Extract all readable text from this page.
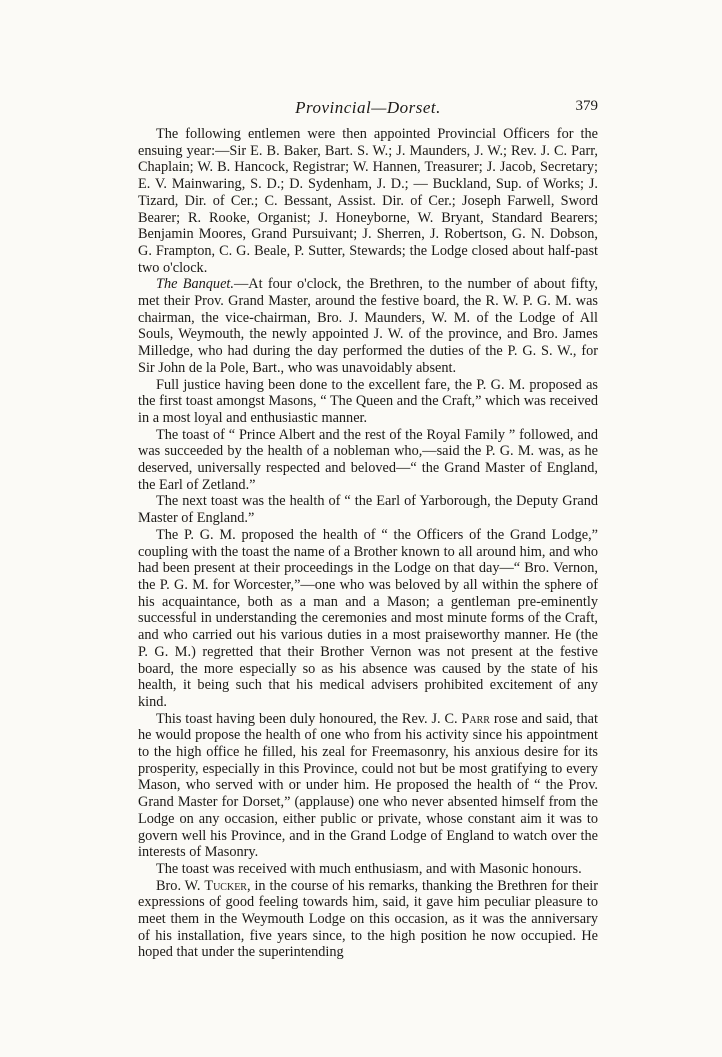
Provincial—Dorset.	379

The following entlemen were then appointed Provincial Officers for the ensuing year:—Sir E. B. Baker, Bart. S. W.; J. Maunders, J. W.; Rev. J. C. Parr, Chaplain; W. B. Hancock, Registrar; W. Hannen, Treasurer; J. Jacob, Secretary; E. V. Mainwaring, S. D.; D. Sydenham, J. D.; — Buckland, Sup. of Works; J. Tizard, Dir. of Cer.; C. Bessant, Assist. Dir. of Cer.; Joseph Farwell, Sword Bearer; R. Rooke, Organist; J. Honeyborne, W. Bryant, Standard Bearers; Benjamin Moores, Grand Pursuivant; J. Sherren, J. Robertson, G. N. Dobson, G. Frampton, C. G. Beale, P. Sutter, Stewards; the Lodge closed about half-past two o'clock.

The Banquet.—At four o'clock, the Brethren, to the number of about fifty, met their Prov. Grand Master, around the festive board, the R. W. P. G. M. was chairman, the vice-chairman, Bro. J. Maunders, W. M. of the Lodge of All Souls, Weymouth, the newly appointed J. W. of the province, and Bro. James Milledge, who had during the day performed the duties of the P. G. S. W., for Sir John de la Pole, Bart., who was unavoidably absent.

Full justice having been done to the excellent fare, the P. G. M. proposed as the first toast amongst Masons, “ The Queen and the Craft,” which was received in a most loyal and enthusiastic manner.

The toast of “ Prince Albert and the rest of the Royal Family ” followed, and was succeeded by the health of a nobleman who,—said the P. G. M. was, as he deserved, universally respected and beloved—“ the Grand Master of England, the Earl of Zetland.”

The next toast was the health of “ the Earl of Yarborough, the Deputy Grand Master of England.”

The P. G. M. proposed the health of “ the Officers of the Grand Lodge,” coupling with the toast the name of a Brother known to all around him, and who had been present at their proceedings in the Lodge on that day—“ Bro. Vernon, the P. G. M. for Worcester,”—one who was beloved by all within the sphere of his acquaintance, both as a man and a Mason; a gentleman pre-eminently successful in understanding the ceremonies and most minute forms of the Craft, and who carried out his various duties in a most praiseworthy manner. He (the P. G. M.) regretted that their Brother Vernon was not present at the festive board, the more especially so as his absence was caused by the state of his health, it being such that his medical advisers prohibited excitement of any kind.

This toast having been duly honoured, the Rev. J. C. Parr rose and said, that he would propose the health of one who from his activity since his appointment to the high office he filled, his zeal for Freemasonry, his anxious desire for its prosperity, especially in this Province, could not but be most gratifying to every Mason, who served with or under him. He proposed the health of “ the Prov. Grand Master for Dorset,” (applause) one who never absented himself from the Lodge on any occasion, either public or private, whose constant aim it was to govern well his Province, and in the Grand Lodge of England to watch over the interests of Masonry.

The toast was received with much enthusiasm, and with Masonic honours.

Bro. W. Tucker, in the course of his remarks, thanking the Brethren for their expressions of good feeling towards him, said, it gave him peculiar pleasure to meet them in the Weymouth Lodge on this occasion, as it was the anniversary of his installation, five years since, to the high position he now occupied. He hoped that under the superintending
